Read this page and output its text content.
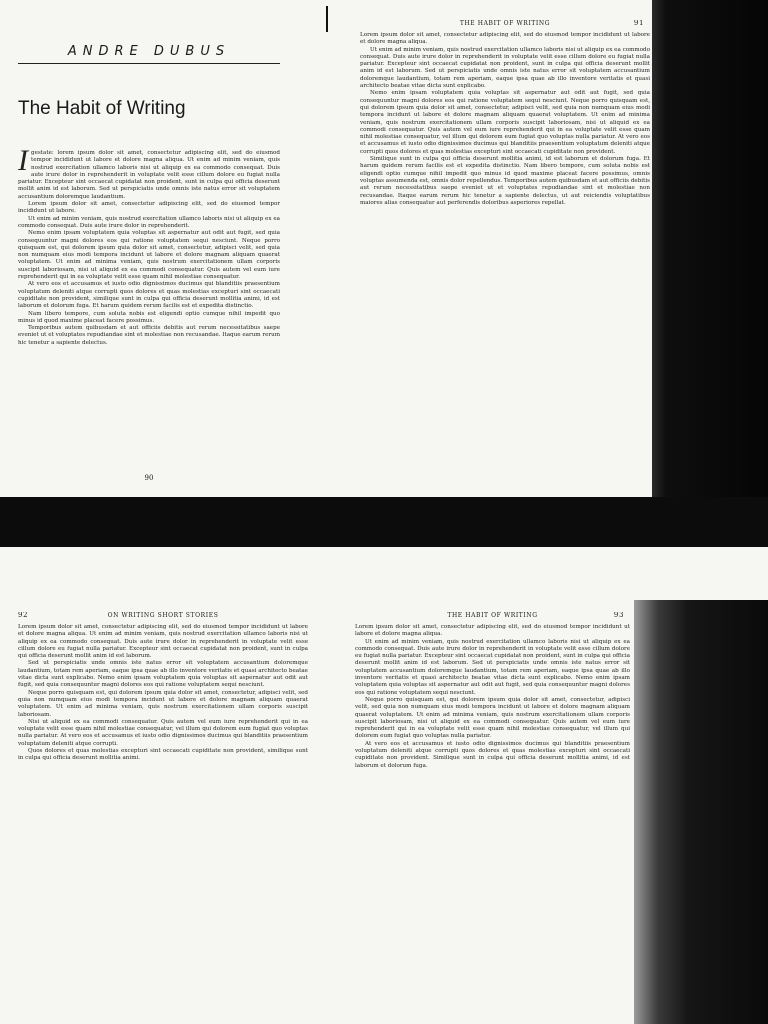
ANDRE DUBUS
The Habit of Writing

Igestate: lorem ipsum dolor sit amet, consectetur adipiscing elit, sed do eiusmod tempor incididunt ut labore et dolore magna aliqua. Ut enim ad minim veniam, quis nostrud exercitation ullamco laboris nisi ut aliquip ex ea commodo consequat. Duis aute irure dolor in reprehenderit in voluptate velit esse cillum dolore eu fugiat nulla pariatur. Excepteur sint occaecat cupidatat non proident, sunt in culpa qui officia deserunt mollit anim id est laborum. Sed ut perspiciatis unde omnis iste natus error sit voluptatem accusantium doloremque laudantium.

Lorem ipsum dolor sit amet, consectetur adipiscing elit, sed do eiusmod tempor incididunt ut labore.

Ut enim ad minim veniam, quis nostrud exercitation ullamco laboris nisi ut aliquip ex ea commodo consequat. Duis aute irure dolor in reprehenderit.

Nemo enim ipsam voluptatem quia voluptas sit aspernatur aut odit aut fugit, sed quia consequuntur magni dolores eos qui ratione voluptatem sequi nesciunt. Neque porro quisquam est, qui dolorem ipsum quia dolor sit amet, consectetur, adipisci velit, sed quia non numquam eius modi tempora incidunt ut labore et dolore magnam aliquam quaerat voluptatem. Ut enim ad minima veniam, quis nostrum exercitationem ullam corporis suscipit laboriosam, nisi ut aliquid ex ea commodi consequatur. Quis autem vel eum iure reprehenderit qui in ea voluptate velit esse quam nihil molestiae consequatur.

At vero eos et accusamus et iusto odio dignissimos ducimus qui blanditiis praesentium voluptatum deleniti atque corrupti quos dolores et quas molestias excepturi sint occaecati cupiditate non provident, similique sunt in culpa qui officia deserunt mollitia animi, id est laborum et dolorum fuga. Et harum quidem rerum facilis est et expedita distinctio.

Nam libero tempore, cum soluta nobis est eligendi optio cumque nihil impedit quo minus id quod maxime placeat facere possimus.

Temporibus autem quibusdam et aut officiis debitis aut rerum necessitatibus saepe eveniet ut et voluptates repudiandae sint et molestiae non recusandae. Itaque earum rerum hic tenetur a sapiente delectus.

90
THE HABIT OF WRITING	91

Lorem ipsum dolor sit amet, consectetur adipiscing elit, sed do eiusmod tempor incididunt ut labore et dolore magna aliqua.

Ut enim ad minim veniam, quis nostrud exercitation ullamco laboris nisi ut aliquip ex ea commodo consequat. Duis aute irure dolor in reprehenderit in voluptate velit esse cillum dolore eu fugiat nulla pariatur. Excepteur sint occaecat cupidatat non proident, sunt in culpa qui officia deserunt mollit anim id est laborum. Sed ut perspiciatis unde omnis iste natus error sit voluptatem accusantium doloremque laudantium, totam rem aperiam, eaque ipsa quae ab illo inventore veritatis et quasi architecto beatae vitae dicta sunt explicabo.

Nemo enim ipsam voluptatem quia voluptas sit aspernatur aut odit aut fugit, sed quia consequuntur magni dolores eos qui ratione voluptatem sequi nesciunt. Neque porro quisquam est, qui dolorem ipsum quia dolor sit amet, consectetur, adipisci velit, sed quia non numquam eius modi tempora incidunt ut labore et dolore magnam aliquam quaerat voluptatem. Ut enim ad minima veniam, quis nostrum exercitationem ullam corporis suscipit laboriosam, nisi ut aliquid ex ea commodi consequatur. Quis autem vel eum iure reprehenderit qui in ea voluptate velit esse quam nihil molestiae consequatur, vel illum qui dolorem eum fugiat quo voluptas nulla pariatur. At vero eos et accusamus et iusto odio dignissimos ducimus qui blanditiis praesentium voluptatum deleniti atque corrupti quos dolores et quas molestias excepturi sint occaecati cupiditate non provident.

Similique sunt in culpa qui officia deserunt mollitia animi, id est laborum et dolorum fuga. Et harum quidem rerum facilis est et expedita distinctio. Nam libero tempore, cum soluta nobis est eligendi optio cumque nihil impedit quo minus id quod maxime placeat facere possimus, omnis voluptas assumenda est, omnis dolor repellendus. Temporibus autem quibusdam et aut officiis debitis aut rerum necessitatibus saepe eveniet ut et voluptates repudiandae sint et molestiae non recusandae. Itaque earum rerum hic tenetur a sapiente delectus, ut aut reiciendis voluptatibus maiores alias consequatur aut perferendis doloribus asperiores repellat.

92	ON WRITING SHORT STORIES

Lorem ipsum dolor sit amet, consectetur adipiscing elit, sed do eiusmod tempor incididunt ut labore et dolore magna aliqua. Ut enim ad minim veniam, quis nostrud exercitation ullamco laboris nisi ut aliquip ex ea commodo consequat. Duis aute irure dolor in reprehenderit in voluptate velit esse cillum dolore eu fugiat nulla pariatur. Excepteur sint occaecat cupidatat non proident, sunt in culpa qui officia deserunt mollit anim id est laborum.

Sed ut perspiciatis unde omnis iste natus error sit voluptatem accusantium doloremque laudantium, totam rem aperiam, eaque ipsa quae ab illo inventore veritatis et quasi architecto beatae vitae dicta sunt explicabo. Nemo enim ipsam voluptatem quia voluptas sit aspernatur aut odit aut fugit, sed quia consequuntur magni dolores eos qui ratione voluptatem sequi nesciunt.

Neque porro quisquam est, qui dolorem ipsum quia dolor sit amet, consectetur, adipisci velit, sed quia non numquam eius modi tempora incidunt ut labore et dolore magnam aliquam quaerat voluptatem. Ut enim ad minima veniam, quis nostrum exercitationem ullam corporis suscipit laboriosam.

Nisi ut aliquid ex ea commodi consequatur. Quis autem vel eum iure reprehenderit qui in ea voluptate velit esse quam nihil molestiae consequatur, vel illum qui dolorem eum fugiat quo voluptas nulla pariatur. At vero eos et accusamus et iusto odio dignissimos ducimus qui blanditiis praesentium voluptatum deleniti atque corrupti.

Quos dolores et quas molestias excepturi sint occaecati cupiditate non provident, similique sunt in culpa qui officia deserunt mollitia animi.

THE HABIT OF WRITING	93

Lorem ipsum dolor sit amet, consectetur adipiscing elit, sed do eiusmod tempor incididunt ut labore et dolore magna aliqua.

Ut enim ad minim veniam, quis nostrud exercitation ullamco laboris nisi ut aliquip ex ea commodo consequat. Duis aute irure dolor in reprehenderit in voluptate velit esse cillum dolore eu fugiat nulla pariatur. Excepteur sint occaecat cupidatat non proident, sunt in culpa qui officia deserunt mollit anim id est laborum. Sed ut perspiciatis unde omnis iste natus error sit voluptatem accusantium doloremque laudantium, totam rem aperiam, eaque ipsa quae ab illo inventore veritatis et quasi architecto beatae vitae dicta sunt explicabo. Nemo enim ipsam voluptatem quia voluptas sit aspernatur aut odit aut fugit, sed quia consequuntur magni dolores eos qui ratione voluptatem sequi nesciunt.

Neque porro quisquam est, qui dolorem ipsum quia dolor sit amet, consectetur, adipisci velit, sed quia non numquam eius modi tempora incidunt ut labore et dolore magnam aliquam quaerat voluptatem. Ut enim ad minima veniam, quis nostrum exercitationem ullam corporis suscipit laboriosam, nisi ut aliquid ex ea commodi consequatur. Quis autem vel eum iure reprehenderit qui in ea voluptate velit esse quam nihil molestiae consequatur, vel illum qui dolorem eum fugiat quo voluptas nulla pariatur.

At vero eos et accusamus et iusto odio dignissimos ducimus qui blanditiis praesentium voluptatum deleniti atque corrupti quos dolores et quas molestias excepturi sint occaecati cupiditate non provident. Similique sunt in culpa qui officia deserunt mollitia animi, id est laborum et dolorum fuga.
